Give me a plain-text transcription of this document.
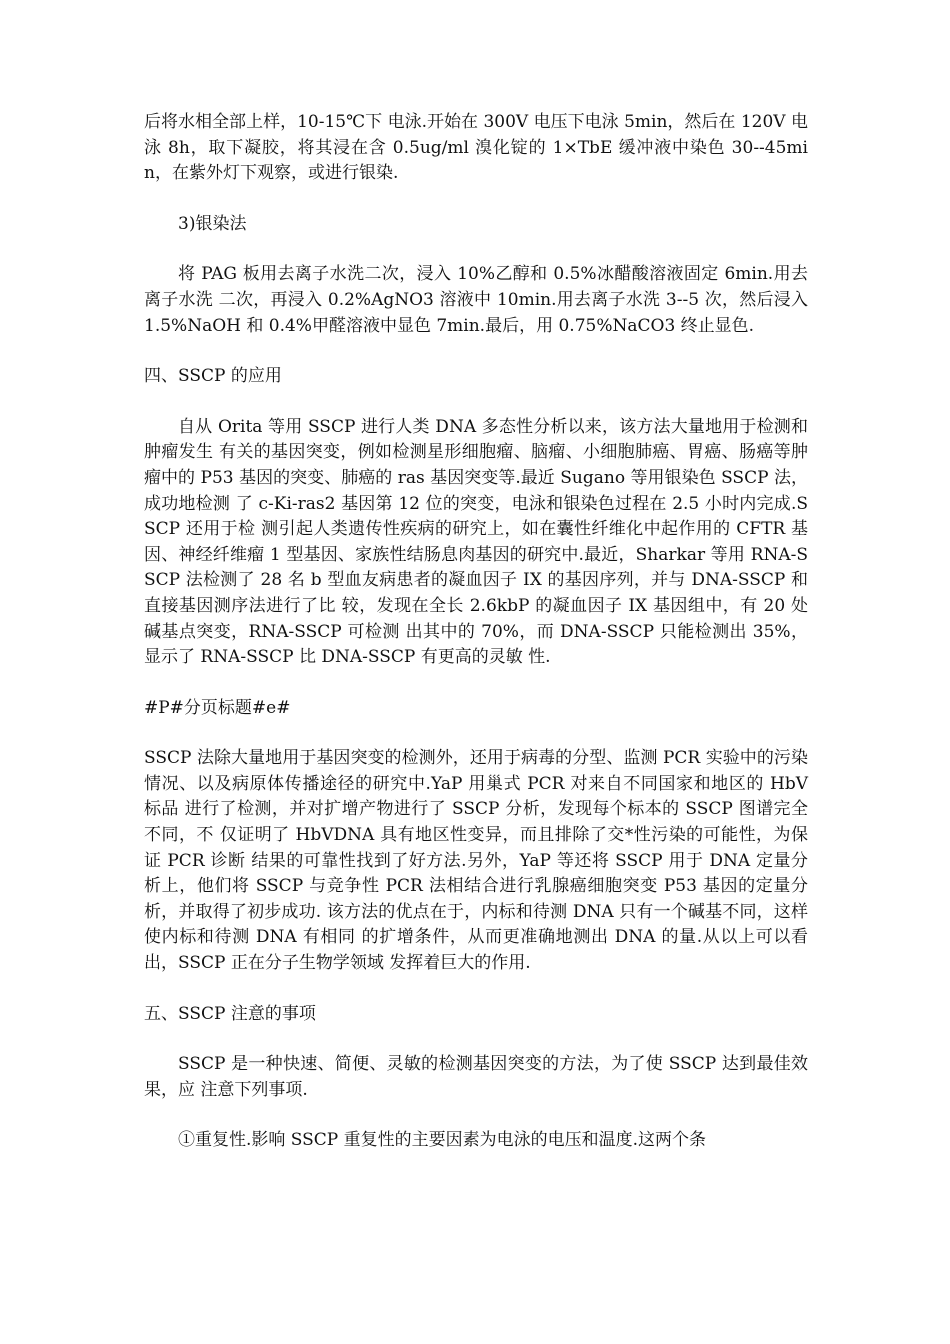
后将水相全部上样，10-15℃下 电泳.开始在 300V 电压下电泳 5min，然后在 120V 电泳 8h，取下凝胶，将其浸在含 0.5ug/ml 溴化锭的 1×TbE 缓冲液中染色 30--45min，在紫外灯下观察，或进行银染.

3)银染法

将 PAG 板用去离子水洗二次，浸入 10%乙醇和 0.5%冰醋酸溶液固定 6min.用去离子水洗 二次，再浸入 0.2%AgNO3 溶液中 10min.用去离子水洗 3--5 次，然后浸入 1.5%NaOH 和 0.4%甲醛溶液中显色 7min.最后，用 0.75%NaCO3 终止显色.

四、SSCP 的应用

自从 Orita 等用 SSCP 进行人类 DNA 多态性分析以来，该方法大量地用于检测和肿瘤发生 有关的基因突变，例如检测星形细胞瘤、脑瘤、小细胞肺癌、胃癌、肠癌等肿瘤中的 P53 基因的突变、肺癌的 ras 基因突变等.最近 Sugano 等用银染色 SSCP 法，成功地检测 了 c-Ki-ras2 基因第 12 位的突变，电泳和银染色过程在 2.5 小时内完成.SSCP 还用于检 测引起人类遗传性疾病的研究上，如在囊性纤维化中起作用的 CFTR 基因、神经纤维瘤 1 型基因、家族性结肠息肉基因的研究中.最近，Sharkar 等用 RNA-SSCP 法检测了 28 名 b 型血友病患者的凝血因子 IX 的基因序列，并与 DNA-SSCP 和直接基因测序法进行了比 较，发现在全长 2.6kbP 的凝血因子 IX 基因组中，有 20 处碱基点突变，RNA-SSCP 可检测 出其中的 70%，而 DNA-SSCP 只能检测出 35%，显示了 RNA-SSCP 比 DNA-SSCP 有更高的灵敏 性.

#P#分页标题#e#

SSCP 法除大量地用于基因突变的检测外，还用于病毒的分型、监测 PCR 实验中的污染 情况、以及病原体传播途径的研究中.YaP 用巢式 PCR 对来自不同国家和地区的 HbV 标品 进行了检测，并对扩增产物进行了 SSCP 分析，发现每个标本的 SSCP 图谱完全不同，不 仅证明了 HbVDNA 具有地区性变异，而且排除了交*性污染的可能性，为保证 PCR 诊断 结果的可靠性找到了好方法.另外，YaP 等还将 SSCP 用于 DNA 定量分析上，他们将 SSCP 与竞争性 PCR 法相结合进行乳腺癌细胞突变 P53 基因的定量分析，并取得了初步成功. 该方法的优点在于，内标和待测 DNA 只有一个碱基不同，这样使内标和待测 DNA 有相同 的扩增条件，从而更准确地测出 DNA 的量.从以上可以看出，SSCP 正在分子生物学领域 发挥着巨大的作用.

五、SSCP 注意的事项

SSCP 是一种快速、简便、灵敏的检测基因突变的方法，为了使 SSCP 达到最佳效果，应 注意下列事项.

①重复性.影响 SSCP 重复性的主要因素为电泳的电压和温度.这两个条
